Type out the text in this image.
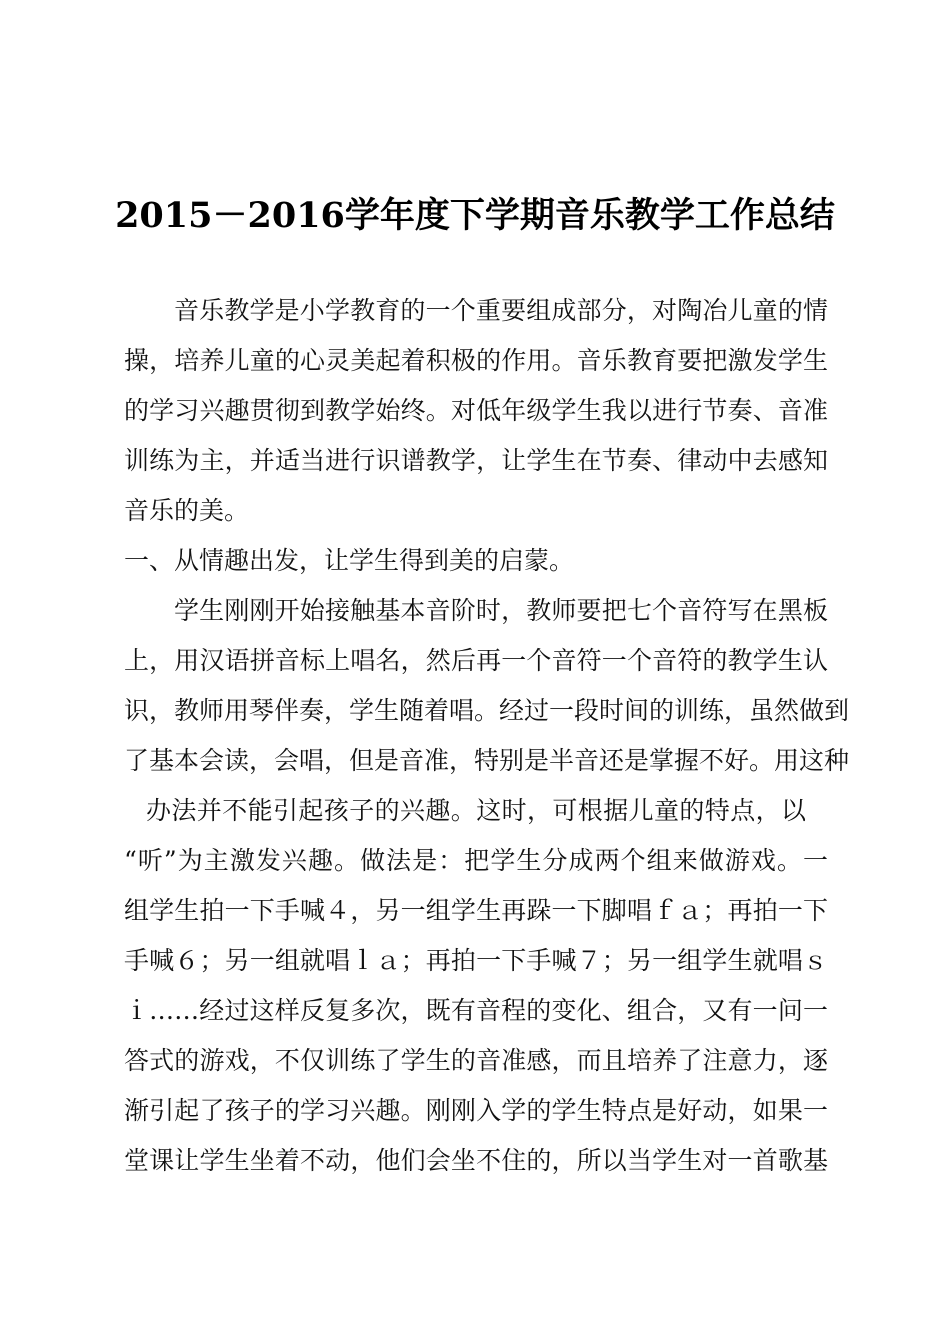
2015－2016学年度下学期音乐教学工作总结
音乐教学是小学教育的一个重要组成部分，对陶冶儿童的情
操，培养儿童的心灵美起着积极的作用。音乐教育要把激发学生
的学习兴趣贯彻到教学始终。对低年级学生我以进行节奏、音准
训练为主，并适当进行识谱教学，让学生在节奏、律动中去感知
音乐的美。
一、从情趣出发，让学生得到美的启蒙。
学生刚刚开始接触基本音阶时，教师要把七个音符写在黑板
上，用汉语拼音标上唱名，然后再一个音符一个音符的教学生认
识，教师用琴伴奏，学生随着唱。经过一段时间的训练，虽然做到
了基本会读，会唱，但是音准，特别是半音还是掌握不好。用这种
办法并不能引起孩子的兴趣。这时，可根据儿童的特点，以
“听”为主激发兴趣。做法是：把学生分成两个组来做游戏。一
组学生拍一下手喊４，另一组学生再跺一下脚唱ｆａ；再拍一下
手喊６；另一组就唱ｌａ；再拍一下手喊７；另一组学生就唱ｓ
ｉ……经过这样反复多次，既有音程的变化、组合，又有一问一
答式的游戏，不仅训练了学生的音准感，而且培养了注意力，逐
渐引起了孩子的学习兴趣。刚刚入学的学生特点是好动，如果一
堂课让学生坐着不动，他们会坐不住的，所以当学生对一首歌基
